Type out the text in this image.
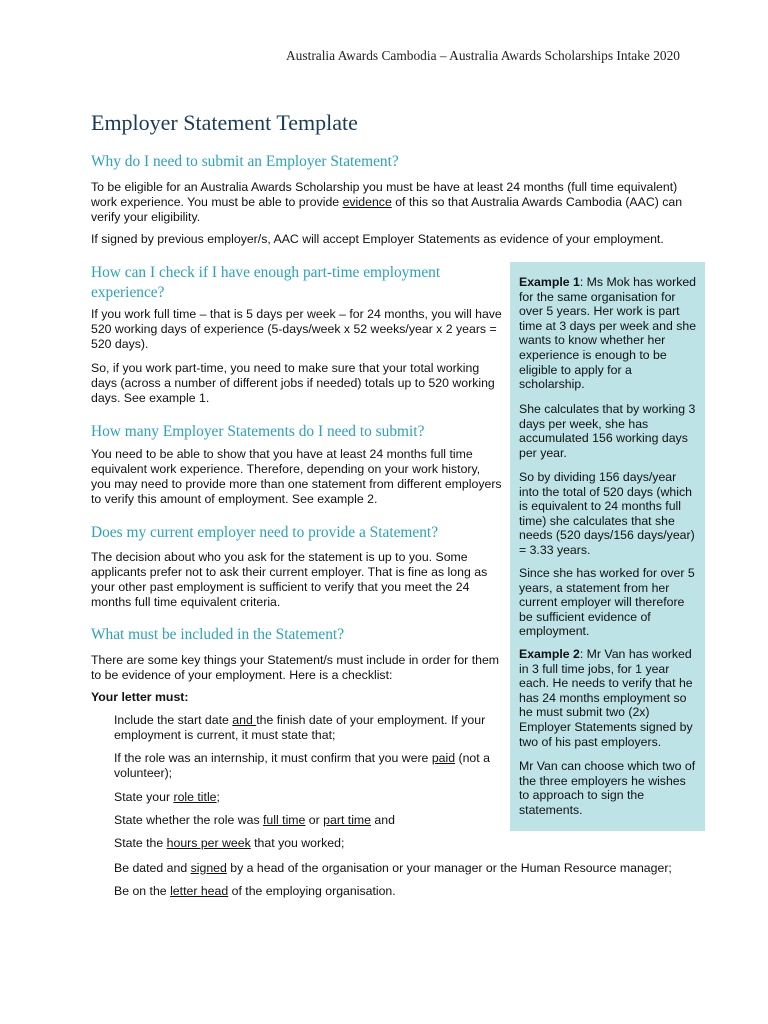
Australia Awards Cambodia – Australia Awards Scholarships Intake 2020
Employer Statement Template
Why do I need to submit an Employer Statement?

To be eligible for an Australia Awards Scholarship you must be have at least 24 months (full time equivalent) work experience. You must be able to provide evidence of this so that Australia Awards Cambodia (AAC) can verify your eligibility.

If signed by previous employer/s, AAC will accept Employer Statements as evidence of your employment.

How can I check if I have enough part-time employment experience?

If you work full time – that is 5 days per week – for 24 months, you will have 520 working days of experience (5-days/week x 52 weeks/year x 2 years = 520 days).

So, if you work part-time, you need to make sure that your total working days (across a number of different jobs if needed) totals up to 520 working days. See example 1.

How many Employer Statements do I need to submit?

You need to be able to show that you have at least 24 months full time equivalent work experience. Therefore, depending on your work history, you may need to provide more than one statement from different employers to verify this amount of employment. See example 2.

Does my current employer need to provide a Statement?

The decision about who you ask for the statement is up to you. Some applicants prefer not to ask their current employer. That is fine as long as your other past employment is sufficient to verify that you meet the 24 months full time equivalent criteria.

What must be included in the Statement?

There are some key things your Statement/s must include in order for them to be evidence of your employment. Here is a checklist:

Your letter must:

Include the start date and the finish date of your employment. If your employment is current, it must state that;

If the role was an internship, it must confirm that you were paid (not a volunteer);

State your role title;

State whether the role was full time or part time and

State the hours per week that you worked;

Be dated and signed by a head of the organisation or your manager or the Human Resource manager;

Be on the letter head of the employing organisation.

Example 1: Ms Mok has worked for the same organisation for over 5 years. Her work is part time at 3 days per week and she wants to know whether her experience is enough to be eligible to apply for a scholarship.

She calculates that by working 3 days per week, she has accumulated 156 working days per year.

So by dividing 156 days/year into the total of 520 days (which is equivalent to 24 months full time) she calculates that she needs (520 days/156 days/year) = 3.33 years.

Since she has worked for over 5 years, a statement from her current employer will therefore be sufficient evidence of employment.

Example 2: Mr Van has worked in 3 full time jobs, for 1 year each. He needs to verify that he has 24 months employment so he must submit two (2x) Employer Statements signed by two of his past employers.

Mr Van can choose which two of the three employers he wishes to approach to sign the statements.
